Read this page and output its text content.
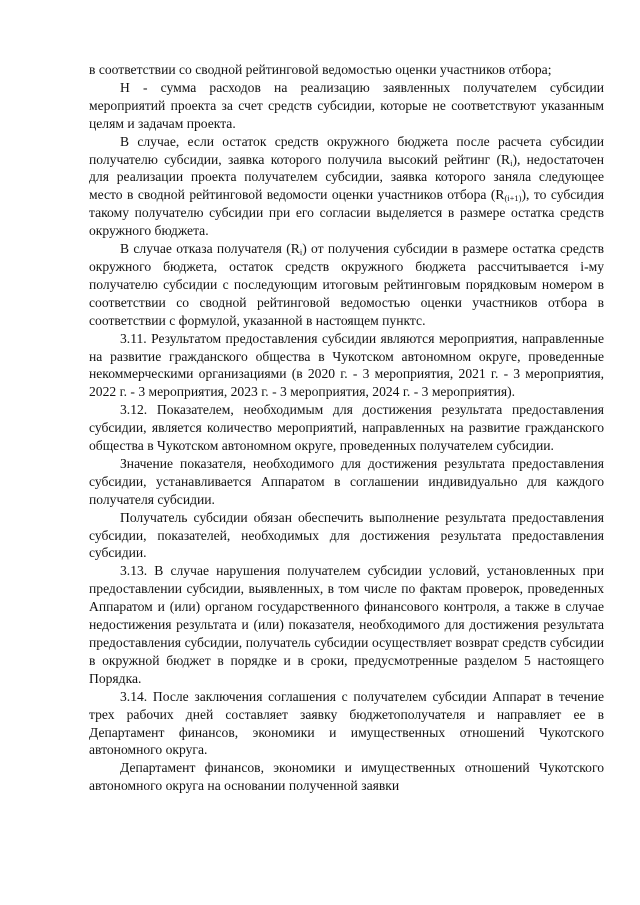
в соответствии со сводной рейтинговой ведомостью оценки участников отбора;

Н - сумма расходов на реализацию заявленных получателем субсидии мероприятий проекта за счет средств субсидии, которые не соответствуют указанным целям и задачам проекта.

В случае, если остаток средств окружного бюджета после расчета субсидии получателю субсидии, заявка которого получила высокий рейтинг $(R_i)$, недостаточен для реализации проекта получателем субсидии, заявка которого заняла следующее место в сводной рейтинговой ведомости оценки участников отбора $(R_{(i+1)})$, то субсидия такому получателю субсидии при его согласии выделяется в размере остатка средств окружного бюджета.

В случае отказа получателя $(R_i)$ от получения субсидии в размере остатка средств окружного бюджета, остаток средств окружного бюджета рассчитывается i-му получателю субсидии с последующим итоговым рейтинговым порядковым номером в соответствии со сводной рейтинговой ведомостью оценки участников отбора в соответствии с формулой, указанной в настоящем пунктс.

3.11. Результатом предоставления субсидии являются мероприятия, направленные на развитие гражданского общества в Чукотском автономном округе, проведенные некоммерческими организациями (в 2020 г. - 3 мероприятия, 2021 г. - 3 мероприятия, 2022 г. - 3 мероприятия, 2023 г. - 3 мероприятия, 2024 г. - 3 мероприятия).

3.12. Показателем, необходимым для достижения результата предоставления субсидии, является количество мероприятий, направленных на развитие гражданского общества в Чукотском автономном округе, проведенных получателем субсидии.

Значение показателя, необходимого для достижения результата предоставления субсидии, устанавливается Аппаратом в соглашении индивидуально для каждого получателя субсидии.

Получатель субсидии обязан обеспечить выполнение результата предоставления субсидии, показателей, необходимых для достижения результата предоставления субсидии.

3.13. В случае нарушения получателем субсидии условий, установленных при предоставлении субсидии, выявленных, в том числе по фактам проверок, проведенных Аппаратом и (или) органом государственного финансового контроля, а также в случае недостижения результата и (или) показателя, необходимого для достижения результата предоставления субсидии, получатель субсидии осуществляет возврат средств субсидии в окружной бюджет в порядке и в сроки, предусмотренные разделом 5 настоящего Порядка.

3.14. После заключения соглашения с получателем субсидии Аппарат в течение трех рабочих дней составляет заявку бюджетополучателя и направляет ее в Департамент финансов, экономики и имущественных отношений Чукотского автономного округа.

Департамент финансов, экономики и имущественных отношений Чукотского автономного округа на основании полученной заявки
